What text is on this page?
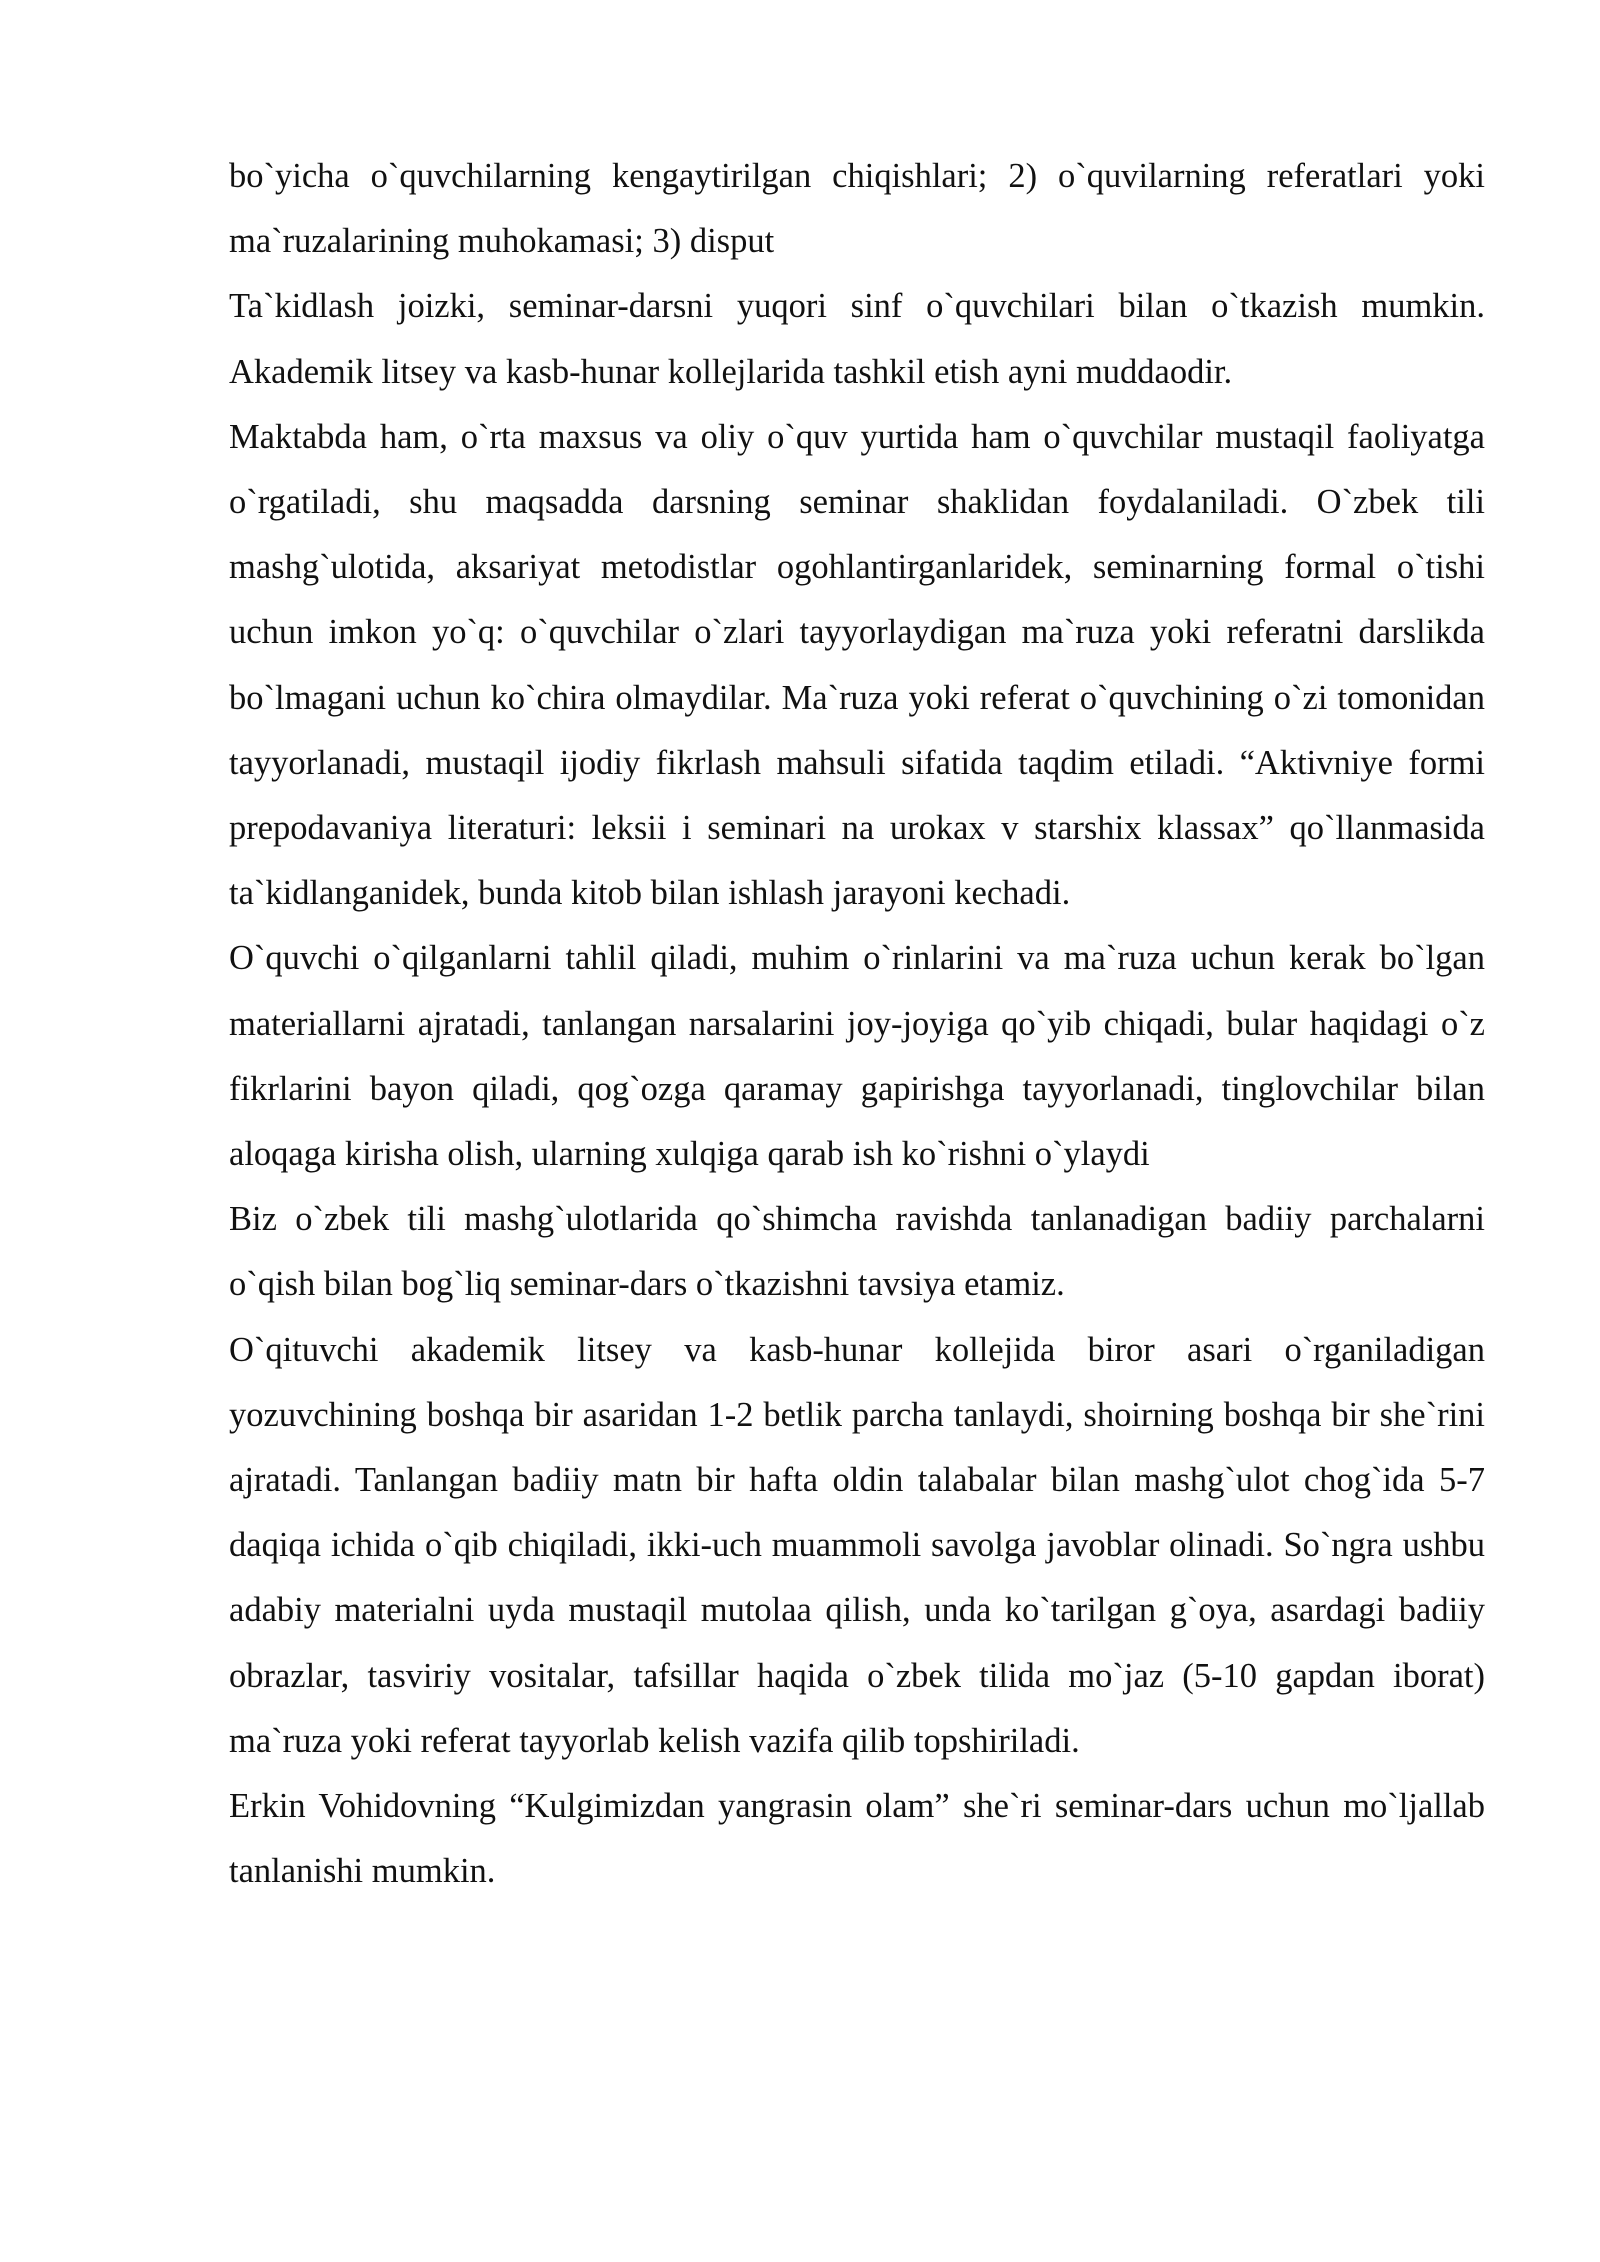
bo`yicha o`quvchilarning kengaytirilgan chiqishlari; 2) o`quvilarning referatlari yoki ma`ruzalarining muhokamasi; 3) disput

Ta`kidlash joizki, seminar-darsni yuqori sinf o`quvchilari bilan o`tkazish mumkin. Akademik litsey va kasb-hunar kollejlarida tashkil etish ayni muddaodir.

Maktabda ham, o`rta maxsus va oliy o`quv yurtida ham o`quvchilar mustaqil faoliyatga o`rgatiladi, shu maqsadda darsning seminar shaklidan foydalaniladi. O`zbek tili mashg`ulotida, aksariyat metodistlar ogohlantirganlaridek, seminarning formal o`tishi uchun imkon yo`q: o`quvchilar o`zlari tayyorlaydigan ma`ruza yoki referatni darslikda bo`lmagani uchun ko`chira olmaydilar. Ma`ruza yoki referat o`quvchining o`zi tomonidan tayyorlanadi, mustaqil ijodiy fikrlash mahsuli sifatida taqdim etiladi. “Aktivniye formi prepodavaniya literaturi: leksii i seminari na urokax v starshix klassax” qo`llanmasida ta`kidlanganidek, bunda kitob bilan ishlash jarayoni kechadi.

O`quvchi o`qilganlarni tahlil qiladi, muhim o`rinlarini va ma`ruza uchun kerak bo`lgan materiallarni ajratadi, tanlangan narsalarini joy-joyiga qo`yib chiqadi, bular haqidagi o`z fikrlarini bayon qiladi, qog`ozga qaramay gapirishga tayyorlanadi, tinglovchilar bilan aloqaga kirisha olish, ularning xulqiga qarab ish ko`rishni o`ylaydi

Biz o`zbek tili mashg`ulotlarida qo`shimcha ravishda tanlanadigan badiiy parchalarni o`qish bilan bog`liq seminar-dars o`tkazishni tavsiya etamiz.

O`qituvchi akademik litsey va kasb-hunar kollejida biror asari o`rganiladigan yozuvchining boshqa bir asaridan 1-2 betlik parcha tanlaydi, shoirning boshqa bir she`rini ajratadi. Tanlangan badiiy matn bir hafta oldin talabalar bilan mashg`ulot chog`ida 5-7 daqiqa ichida o`qib chiqiladi, ikki-uch muammoli savolga javoblar olinadi. So`ngra ushbu adabiy materialni uyda mustaqil mutolaa qilish, unda ko`tarilgan g`oya, asardagi badiiy obrazlar, tasviriy vositalar, tafsillar haqida o`zbek tilida mo`jaz (5-10 gapdan iborat) ma`ruza yoki referat tayyorlab kelish vazifa qilib topshiriladi.

Erkin Vohidovning “Kulgimizdan yangrasin olam” she`ri seminar-dars uchun mo`ljallab tanlanishi mumkin.
